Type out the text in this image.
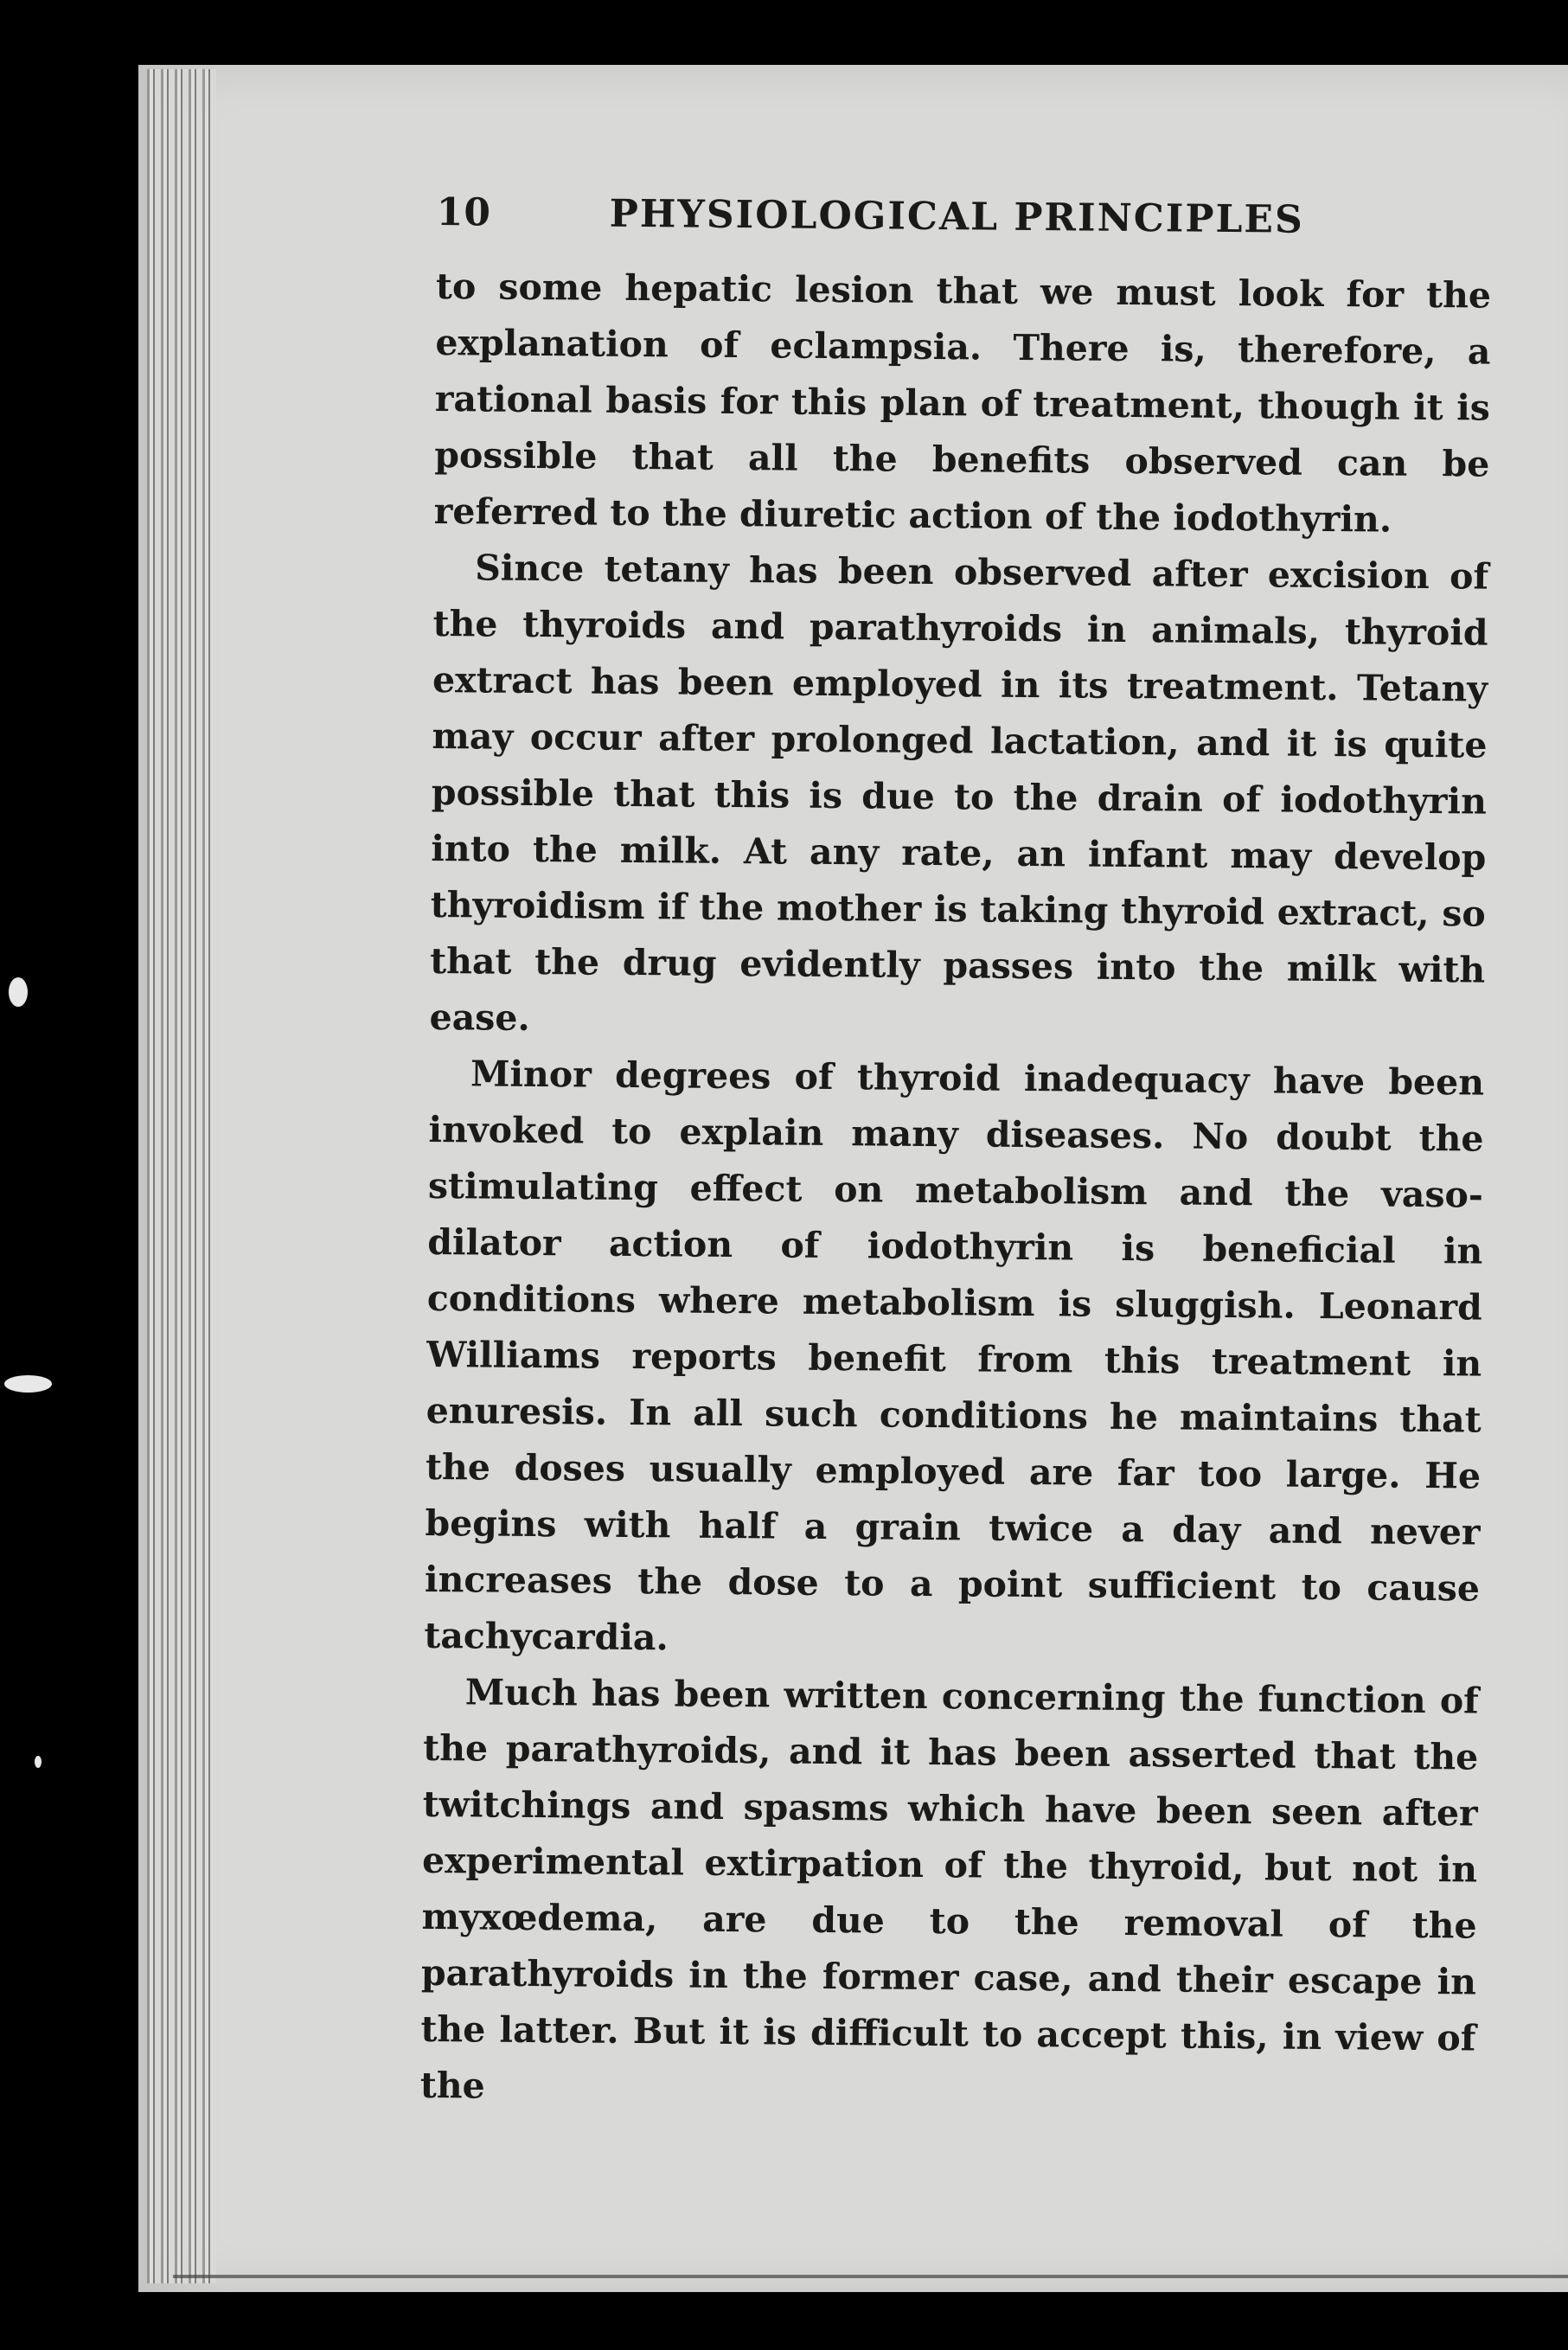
10	PHYSIOLOGICAL PRINCIPLES

to some hepatic lesion that we must look for the explanation of eclampsia. There is, therefore, a rational basis for this plan of treatment, though it is possible that all the benefits observed can be referred to the diuretic action of the iodothyrin.

Since tetany has been observed after excision of the thyroids and parathyroids in animals, thyroid extract has been employed in its treatment. Tetany may occur after prolonged lactation, and it is quite possible that this is due to the drain of iodothyrin into the milk. At any rate, an infant may develop thyroidism if the mother is taking thyroid extract, so that the drug evidently passes into the milk with ease.

Minor degrees of thyroid inadequacy have been invoked to explain many diseases. No doubt the stimulating effect on metabolism and the vaso-dilator action of iodothyrin is beneficial in conditions where metabolism is sluggish. Leonard Williams reports benefit from this treatment in enuresis. In all such conditions he maintains that the doses usually employed are far too large. He begins with half a grain twice a day and never increases the dose to a point sufficient to cause tachycardia.

Much has been written concerning the function of the parathyroids, and it has been asserted that the twitchings and spasms which have been seen after experimental extirpation of the thyroid, but not in myxœdema, are due to the removal of the parathyroids in the former case, and their escape in the latter. But it is difficult to accept this, in view of the
